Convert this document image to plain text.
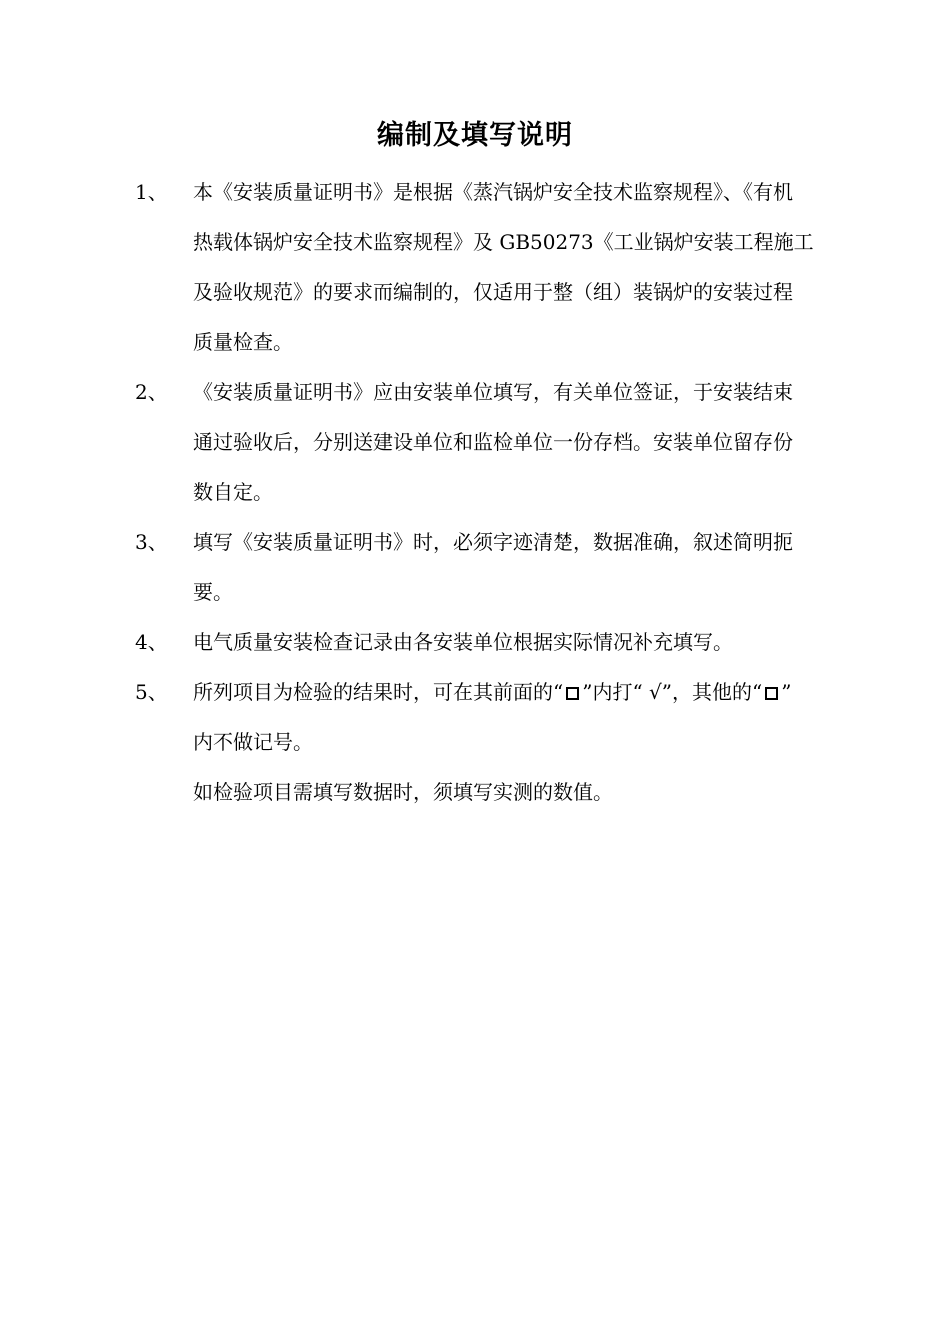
编制及填写说明
1、	本《安装质量证明书》是根据《蒸汽锅炉安全技术监察规程》、《有机
热载体锅炉安全技术监察规程》及 GB50273《工业锅炉安装工程施工
及验收规范》的要求而编制的，仅适用于整（组）装锅炉的安装过程
质量检查。
2、	《安装质量证明书》应由安装单位填写，有关单位签证，于安装结束
通过验收后，分别送建设单位和监检单位一份存档。安装单位留存份
数自定。
3、	填写《安装质量证明书》时，必须字迹清楚，数据准确，叙述简明扼
要。
4、	电气质量安装检查记录由各安装单位根据实际情况补充填写。
5、	所列项目为检验的结果时，可在其前面的“ ”内打“ √”，其他的“ ”
内不做记号。
如检验项目需填写数据时，须填写实测的数值。
